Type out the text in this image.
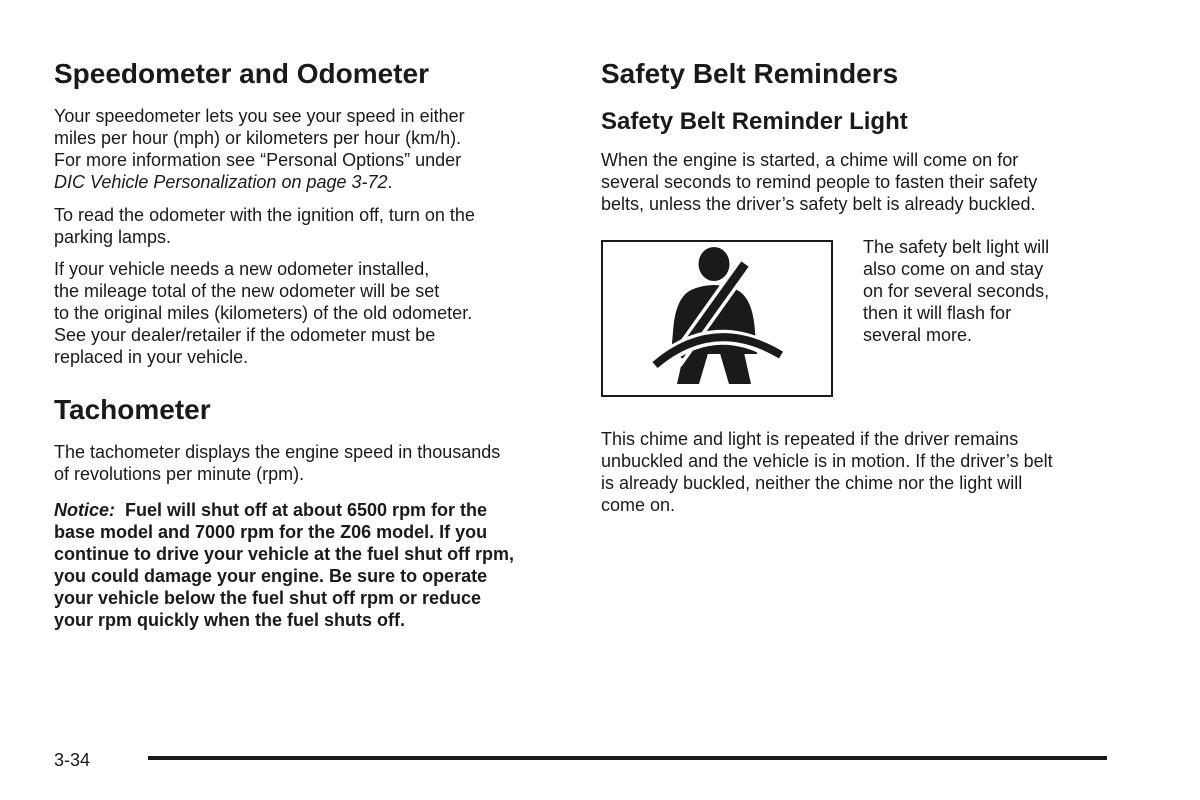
Speedometer and Odometer

Your speedometer lets you see your speed in either
miles per hour (mph) or kilometers per hour (km/h).
For more information see “Personal Options” under
DIC Vehicle Personalization on page 3-72.

To read the odometer with the ignition off, turn on the
parking lamps.

If your vehicle needs a new odometer installed,
the mileage total of the new odometer will be set
to the original miles (kilometers) of the old odometer.
See your dealer/retailer if the odometer must be
replaced in your vehicle.

Tachometer

The tachometer displays the engine speed in thousands
of revolutions per minute (rpm).

Notice: Fuel will shut off at about 6500 rpm for the
base model and 7000 rpm for the Z06 model. If you
continue to drive your vehicle at the fuel shut off rpm,
you could damage your engine. Be sure to operate
your vehicle below the fuel shut off rpm or reduce
your rpm quickly when the fuel shuts off.

Safety Belt Reminders
Safety Belt Reminder Light

When the engine is started, a chime will come on for
several seconds to remind people to fasten their safety
belts, unless the driver’s safety belt is already buckled.

The safety belt light will
also come on and stay
on for several seconds,
then it will flash for
several more.

This chime and light is repeated if the driver remains
unbuckled and the vehicle is in motion. If the driver’s belt
is already buckled, neither the chime nor the light will
come on.

3-34
